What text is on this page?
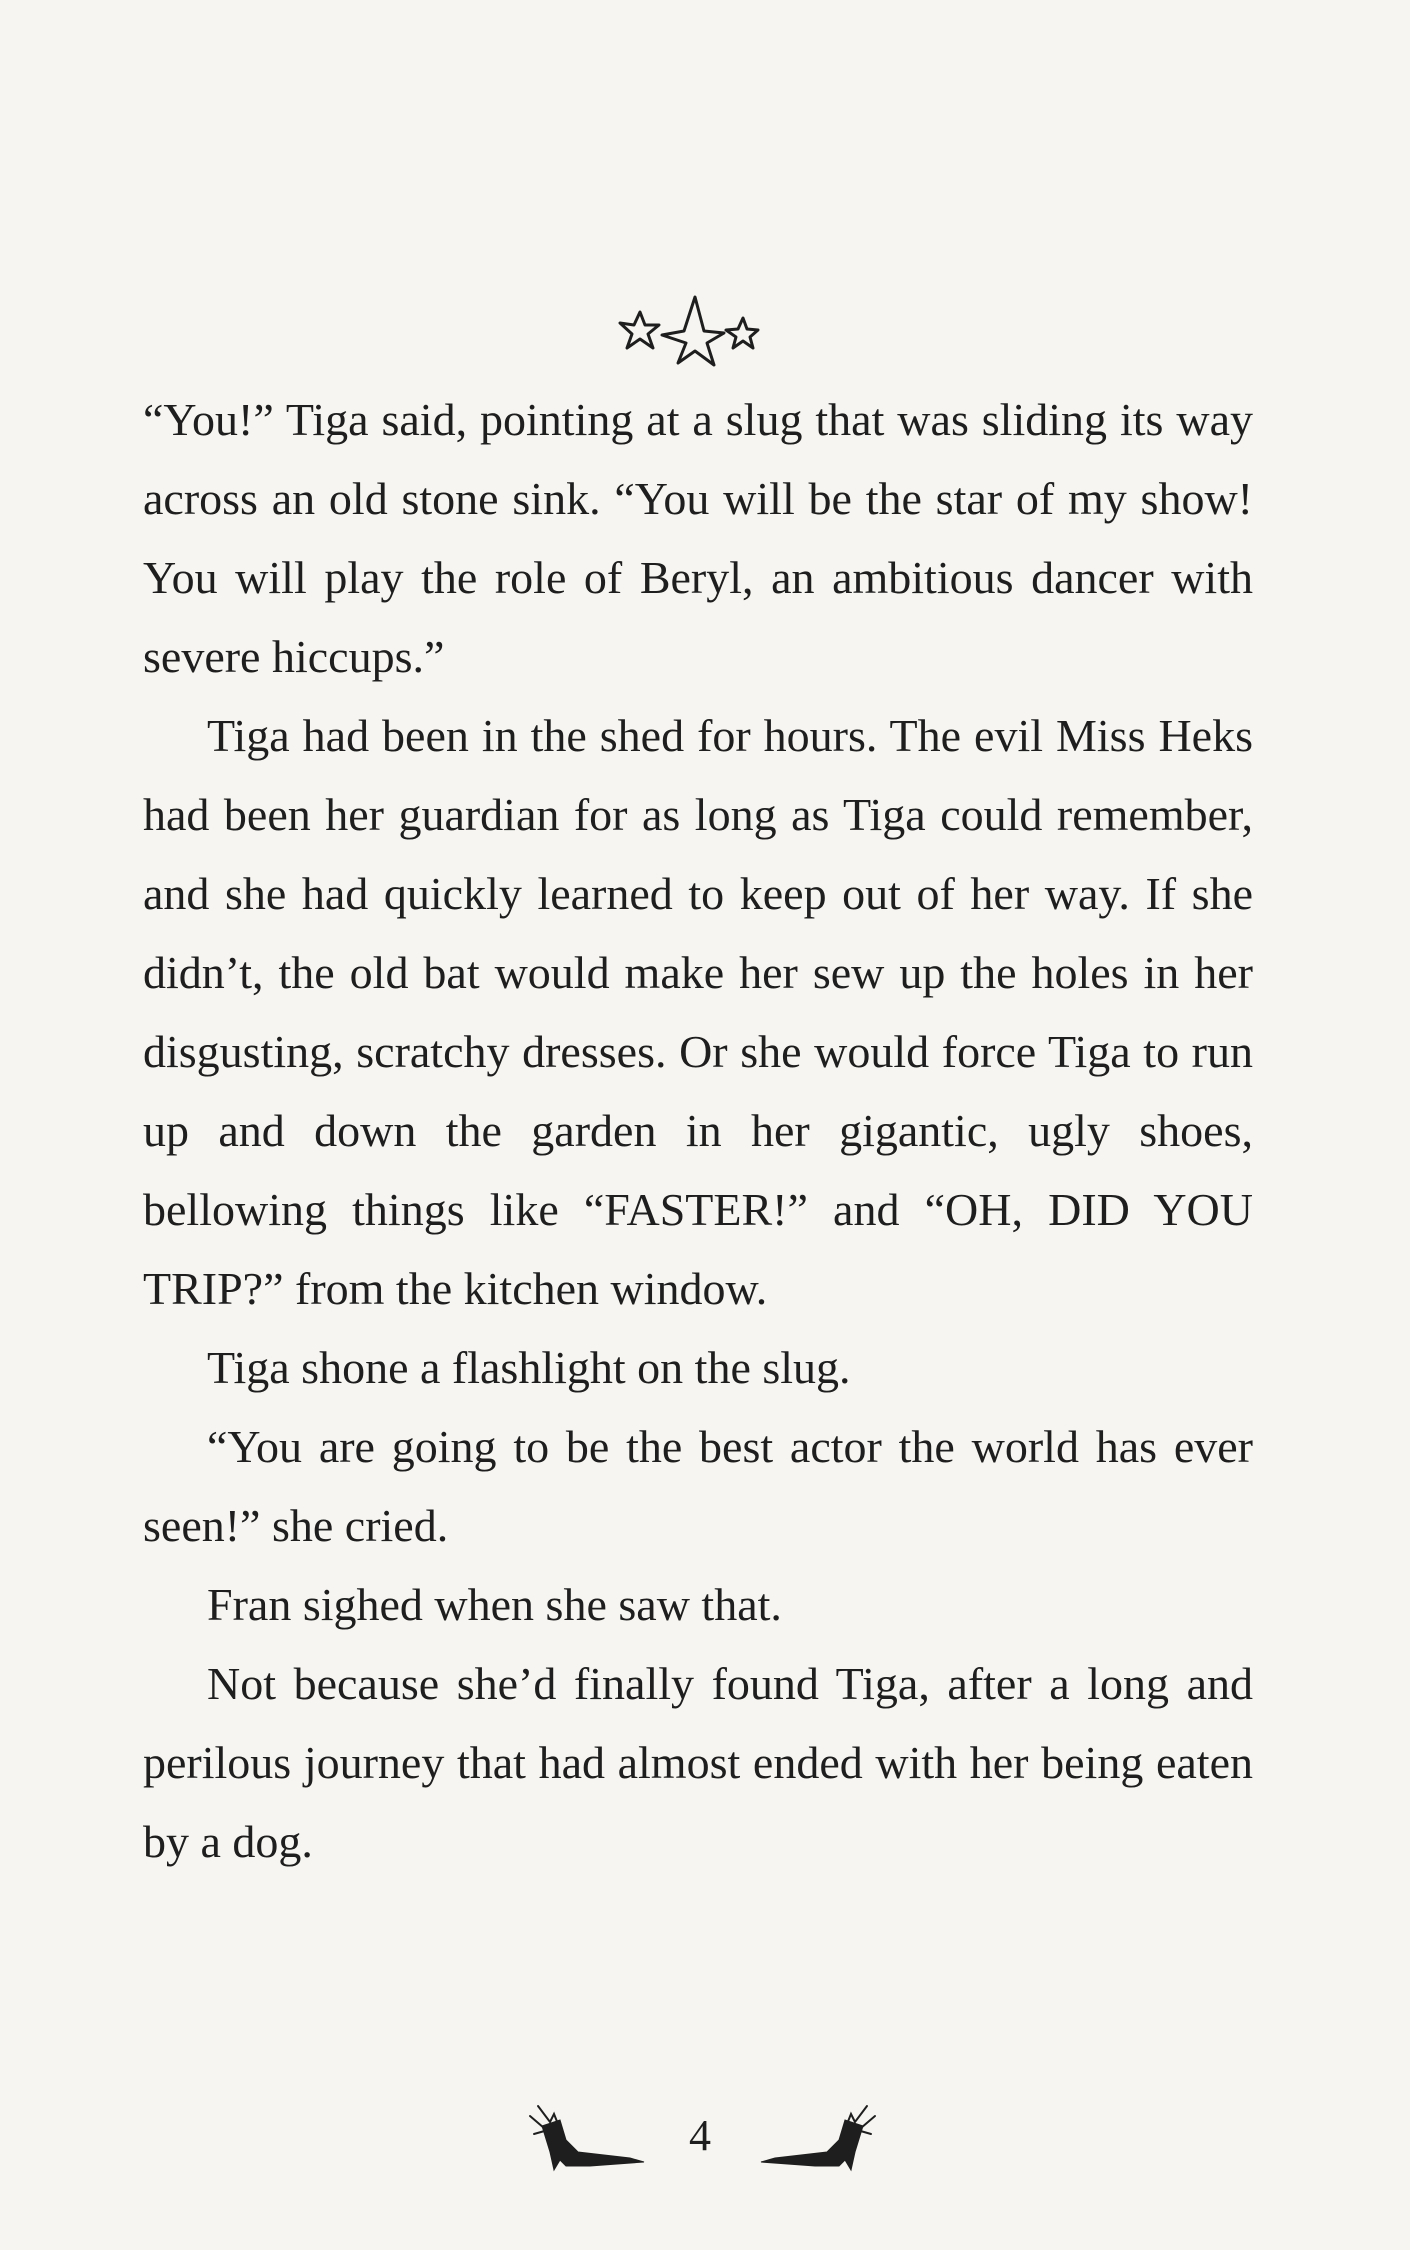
“You!” Tiga said, pointing at a slug that was sliding its way across an old stone sink. “You will be the star of my show! You will play the role of Beryl, an ambitious dancer with severe hiccups.”

Tiga had been in the shed for hours. The evil Miss Heks had been her guardian for as long as Tiga could remember, and she had quickly learned to keep out of her way. If she didn’t, the old bat would make her sew up the holes in her disgusting, scratchy dresses. Or she would force Tiga to run up and down the garden in her gigantic, ugly shoes, bellowing things like “FASTER!” and “OH, DID YOU TRIP?” from the kitchen window.

Tiga shone a flashlight on the slug.

“You are going to be the best actor the world has ever seen!” she cried.

Fran sighed when she saw that.

Not because she’d finally found Tiga, after a long and perilous journey that had almost ended with her being eaten by a dog.

4
